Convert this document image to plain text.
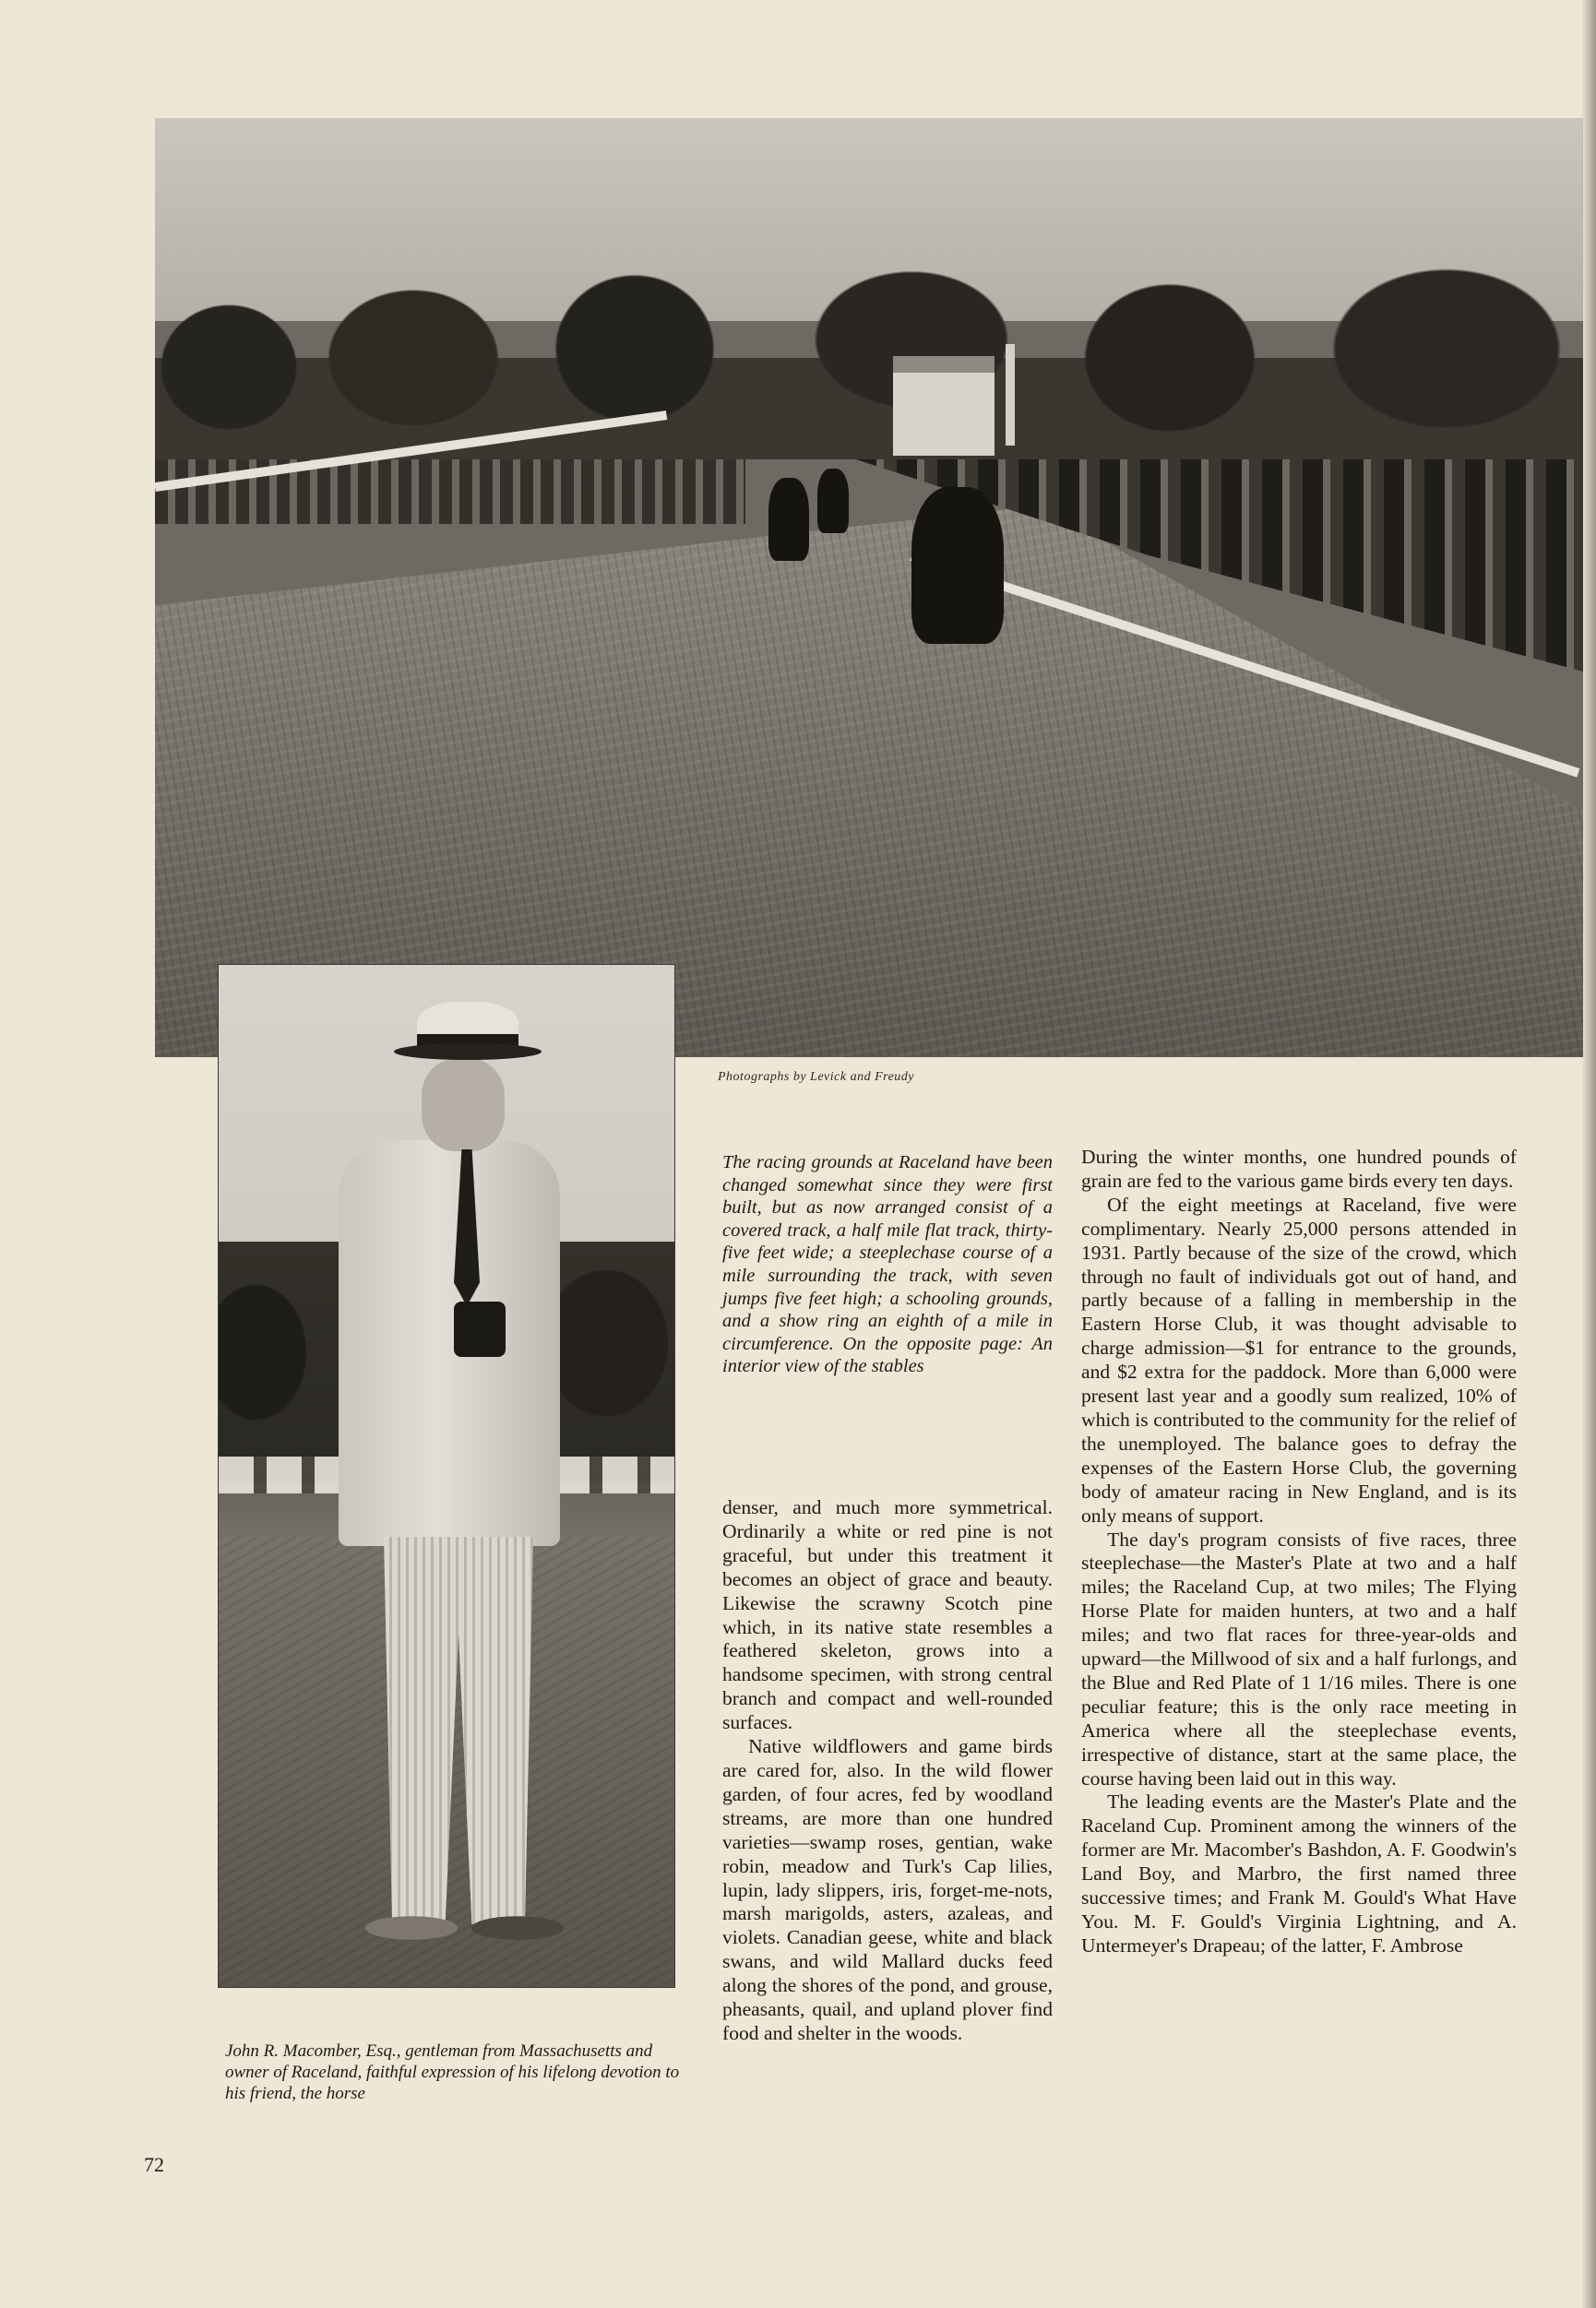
Photographs by Levick and Freudy
John R. Macomber, Esq., gentleman from Massachusetts and owner of Raceland, faithful expression of his lifelong devotion to his friend, the horse

The racing grounds at Raceland have been changed somewhat since they were first built, but as now arranged consist of a covered track, a half mile flat track, thirty-five feet wide; a steeplechase course of a mile surrounding the track, with seven jumps five feet high; a schooling grounds, and a show ring an eighth of a mile in circumference. On the opposite page: An interior view of the stables

denser, and much more symmetrical. Ordinarily a white or red pine is not graceful, but under this treatment it becomes an object of grace and beauty. Likewise the scrawny Scotch pine which, in its native state resembles a feathered skeleton, grows into a handsome specimen, with strong central branch and compact and well-rounded surfaces.

Native wildflowers and game birds are cared for, also. In the wild flower garden, of four acres, fed by woodland streams, are more than one hundred varieties—swamp roses, gentian, wake robin, meadow and Turk's Cap lilies, lupin, lady slippers, iris, forget-me-nots, marsh marigolds, asters, azaleas, and violets. Canadian geese, white and black swans, and wild Mallard ducks feed along the shores of the pond, and grouse, pheasants, quail, and upland plover find food and shelter in the woods.

During the winter months, one hundred pounds of grain are fed to the various game birds every ten days.

Of the eight meetings at Raceland, five were complimentary. Nearly 25,000 persons attended in 1931. Partly because of the size of the crowd, which through no fault of individuals got out of hand, and partly because of a falling in membership in the Eastern Horse Club, it was thought advisable to charge admission—$1 for entrance to the grounds, and $2 extra for the paddock. More than 6,000 were present last year and a goodly sum realized, 10% of which is contributed to the community for the relief of the unemployed. The balance goes to defray the expenses of the Eastern Horse Club, the governing body of amateur racing in New England, and is its only means of support.

The day's program consists of five races, three steeplechase—the Master's Plate at two and a half miles; the Raceland Cup, at two miles; The Flying Horse Plate for maiden hunters, at two and a half miles; and two flat races for three-year-olds and upward—the Millwood of six and a half furlongs, and the Blue and Red Plate of 1 1/16 miles. There is one peculiar feature; this is the only race meeting in America where all the steeplechase events, irrespective of distance, start at the same place, the course having been laid out in this way.

The leading events are the Master's Plate and the Raceland Cup. Prominent among the winners of the former are Mr. Macomber's Bashdon, A. F. Goodwin's Land Boy, and Marbro, the first named three successive times; and Frank M. Gould's What Have You. M. F. Gould's Virginia Lightning, and A. Untermeyer's Drapeau; of the latter, F. Ambrose

72
